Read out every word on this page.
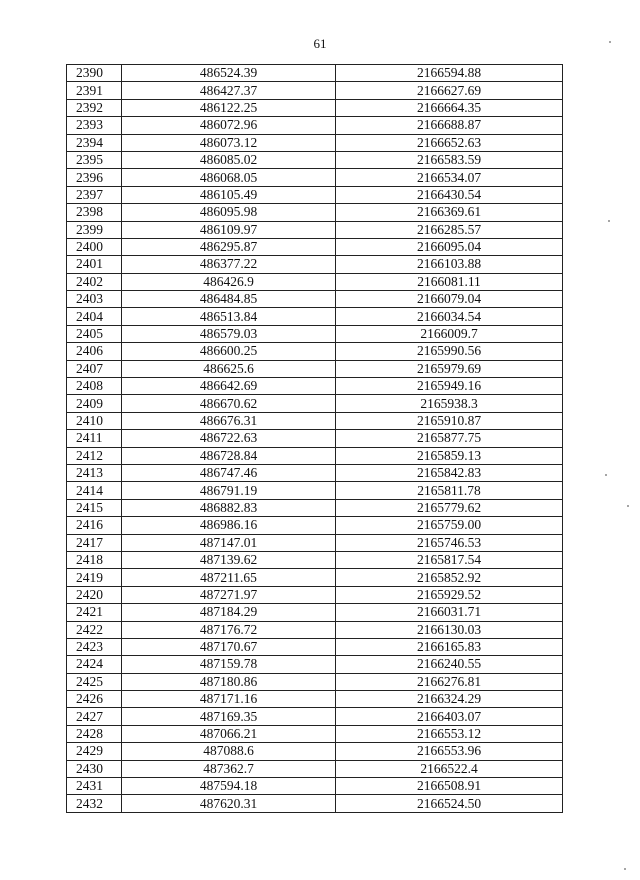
61
2390	486524.39	2166594.88
2391	486427.37	2166627.69
2392	486122.25	2166664.35
2393	486072.96	2166688.87
2394	486073.12	2166652.63
2395	486085.02	2166583.59
2396	486068.05	2166534.07
2397	486105.49	2166430.54
2398	486095.98	2166369.61
2399	486109.97	2166285.57
2400	486295.87	2166095.04
2401	486377.22	2166103.88
2402	486426.9	2166081.11
2403	486484.85	2166079.04
2404	486513.84	2166034.54
2405	486579.03	2166009.7
2406	486600.25	2165990.56
2407	486625.6	2165979.69
2408	486642.69	2165949.16
2409	486670.62	2165938.3
2410	486676.31	2165910.87
2411	486722.63	2165877.75
2412	486728.84	2165859.13
2413	486747.46	2165842.83
2414	486791.19	2165811.78
2415	486882.83	2165779.62
2416	486986.16	2165759.00
2417	487147.01	2165746.53
2418	487139.62	2165817.54
2419	487211.65	2165852.92
2420	487271.97	2165929.52
2421	487184.29	2166031.71
2422	487176.72	2166130.03
2423	487170.67	2166165.83
2424	487159.78	2166240.55
2425	487180.86	2166276.81
2426	487171.16	2166324.29
2427	487169.35	2166403.07
2428	487066.21	2166553.12
2429	487088.6	2166553.96
2430	487362.7	2166522.4
2431	487594.18	2166508.91
2432	487620.31	2166524.50
